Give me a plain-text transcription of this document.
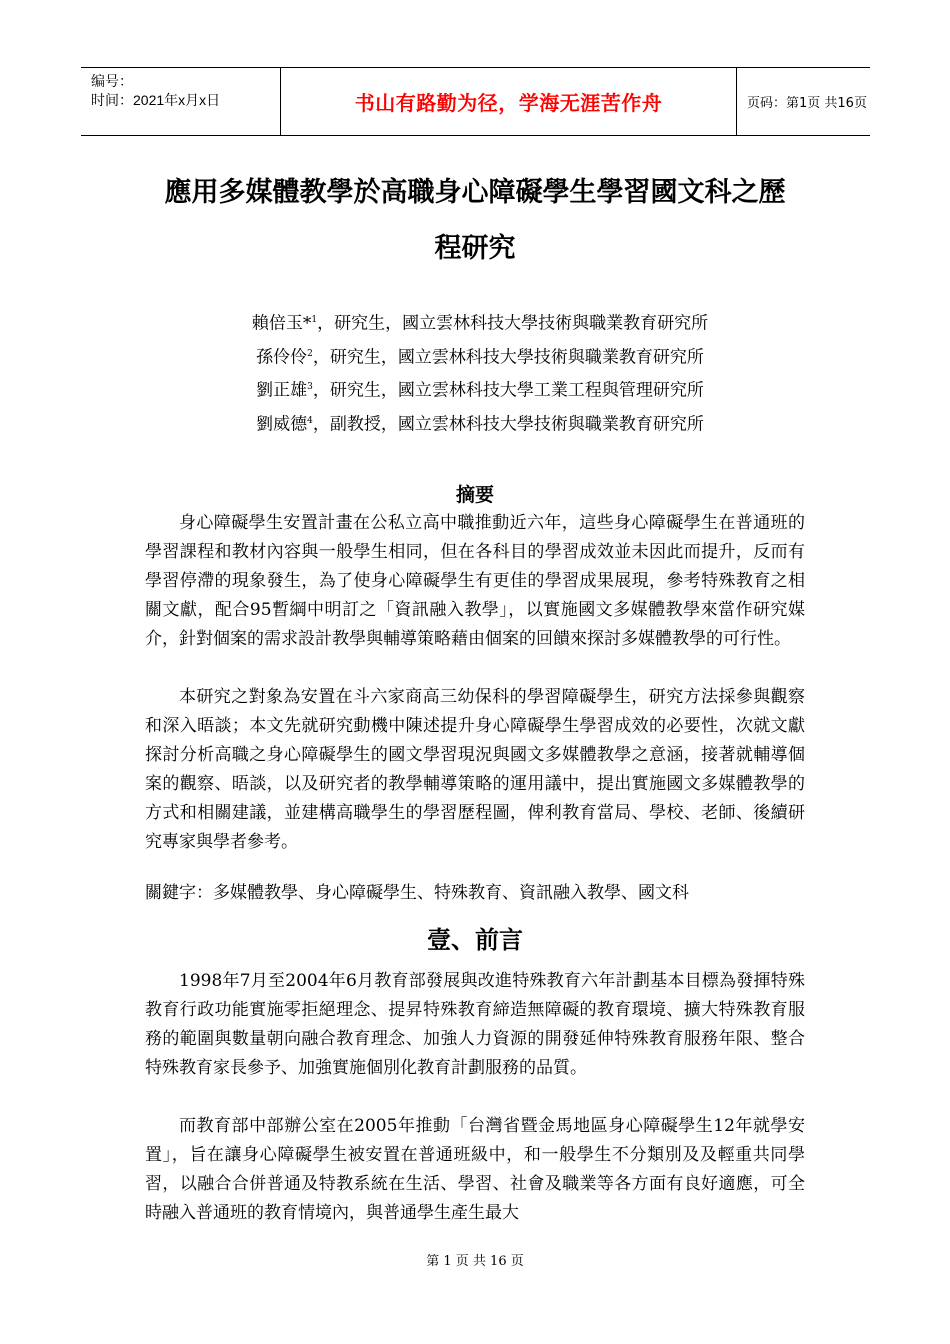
编号：
时间：2021年x月x日	书山有路勤为径，学海无涯苦作舟	页码：第1页 共16页
應用多媒體教學於高職身心障礙學生學習國文科之歷
程研究
賴倍玉*$^1$，研究生，國立雲林科技大學技術與職業教育研究所
孫伶伶$^2$，研究生，國立雲林科技大學技術與職業教育研究所
劉正雄$^3$，研究生，國立雲林科技大學工業工程與管理研究所
劉威德$^4$，副教授，國立雲林科技大學技術與職業教育研究所
摘要

身心障礙學生安置計畫在公私立高中職推動近六年，這些身心障礙學生在普通班的學習課程和教材內容與一般學生相同，但在各科目的學習成效並未因此而提升，反而有學習停滯的現象發生，為了使身心障礙學生有更佳的學習成果展現，參考特殊教育之相關文獻，配合95暫綱中明訂之「資訊融入教學」，以實施國文多媒體教學來當作研究媒介，針對個案的需求設計教學與輔導策略藉由個案的回饋來探討多媒體教學的可行性。

本研究之對象為安置在斗六家商高三幼保科的學習障礙學生，研究方法採參與觀察和深入晤談；本文先就研究動機中陳述提升身心障礙學生學習成效的必要性，次就文獻探討分析高職之身心障礙學生的國文學習現況與國文多媒體教學之意涵，接著就輔導個案的觀察、晤談，以及研究者的教學輔導策略的運用議中，提出實施國文多媒體教學的方式和相關建議，並建構高職學生的學習歷程圖，俾利教育當局、學校、老師、後續研究專家與學者參考。

關鍵字：多媒體教學、身心障礙學生、特殊教育、資訊融入教學、國文科

壹、前言

1998年7月至2004年6月教育部發展與改進特殊教育六年計劃基本目標為發揮特殊教育行政功能實施零拒絕理念、提昇特殊教育締造無障礙的教育環境、擴大特殊教育服務的範圍與數量朝向融合教育理念、加強人力資源的開發延伸特殊教育服務年限、整合特殊教育家長參予、加強實施個別化教育計劃服務的品質。

而教育部中部辦公室在2005年推動「台灣省暨金馬地區身心障礙學生12年就學安置」，旨在讓身心障礙學生被安置在普通班級中，和一般學生不分類別及及輕重共同學習，以融合合併普通及特教系統在生活、學習、社會及職業等各方面有良好適應，可全時融入普通班的教育情境內，與普通學生產生最大

第 1 页 共 16 页
